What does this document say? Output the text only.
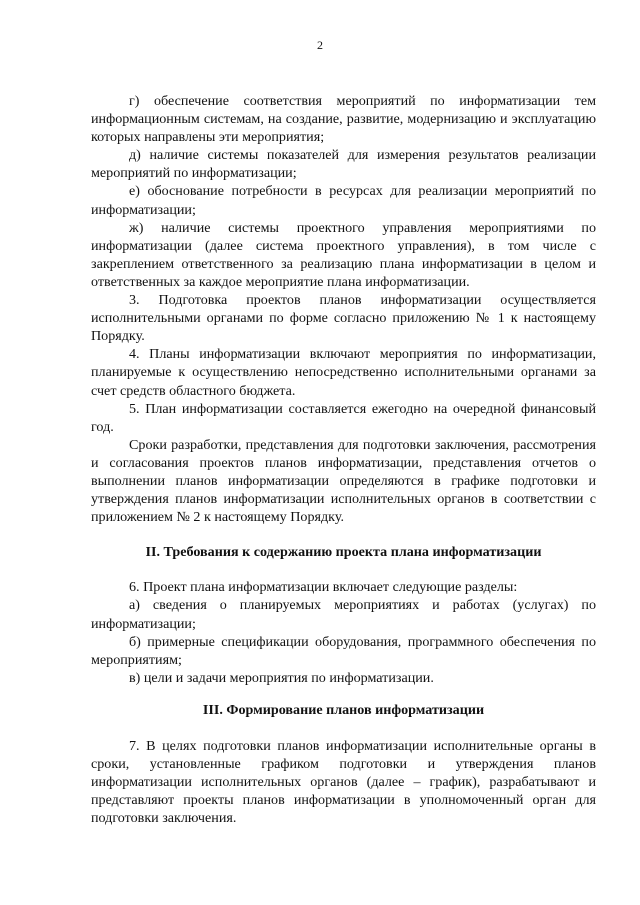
2

г) обеспечение соответствия мероприятий по информатизации тем информационным системам, на создание, развитие, модернизацию и эксплуатацию которых направлены эти мероприятия;

д) наличие системы показателей для измерения результатов реализации мероприятий по информатизации;

е) обоснование потребности в ресурсах для реализации мероприятий по информатизации;

ж) наличие системы проектного управления мероприятиями по информатизации (далее система проектного управления), в том числе с закреплением ответственного за реализацию плана информатизации в целом и ответственных за каждое мероприятие плана информатизации.

3. Подготовка проектов планов информатизации осуществляется исполнительными органами по форме согласно приложению № 1 к настоящему Порядку.

4. Планы информатизации включают мероприятия по информатизации, планируемые к осуществлению непосредственно исполнительными органами за счет средств областного бюджета.

5. План информатизации составляется ежегодно на очередной финансовый год.

Сроки разработки, представления для подготовки заключения, рассмотрения и согласования проектов планов информатизации, представления отчетов о выполнении планов информатизации определяются в графике подготовки и утверждения планов информатизации исполнительных органов в соответствии с приложением № 2 к настоящему Порядку.

II. Требования к содержанию проекта плана информатизации

6. Проект плана информатизации включает следующие разделы:

а) сведения о планируемых мероприятиях и работах (услугах) по информатизации;

б) примерные спецификации оборудования, программного обеспечения по мероприятиям;

в) цели и задачи мероприятия по информатизации.

III. Формирование планов информатизации

7. В целях подготовки планов информатизации исполнительные органы в сроки, установленные графиком подготовки и утверждения планов информатизации исполнительных органов (далее – график), разрабатывают и представляют проекты планов информатизации в уполномоченный орган для подготовки заключения.
